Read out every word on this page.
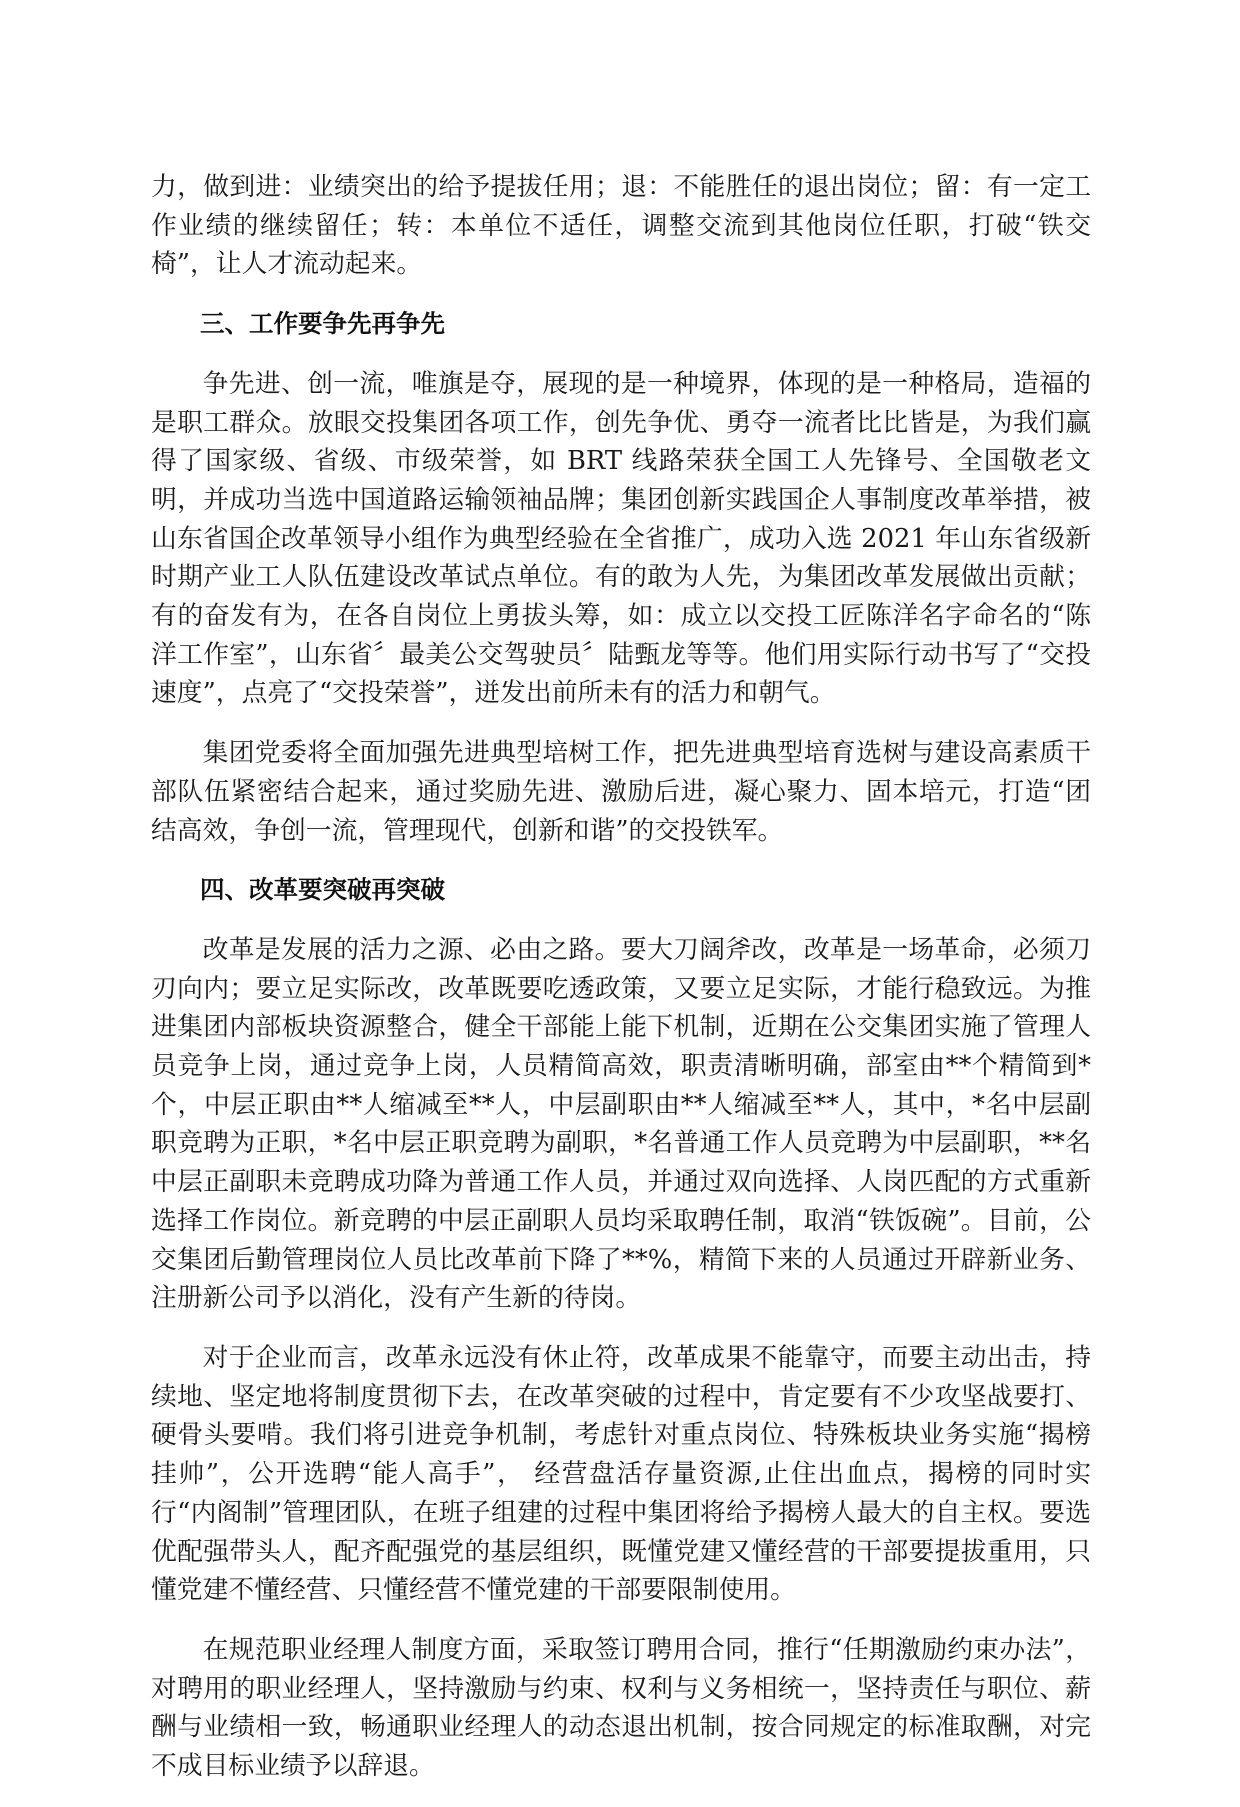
力，做到进：业绩突出的给予提拔任用；退：不能胜任的退出岗位；留：有一定工作业绩的继续留任；转：本单位不适任，调整交流到其他岗位任职，打破“铁交椅”，让人才流动起来。

三、工作要争先再争先

争先进、创一流，唯旗是夺，展现的是一种境界，体现的是一种格局，造福的是职工群众。放眼交投集团各项工作，创先争优、勇夺一流者比比皆是，为我们赢得了国家级、省级、市级荣誉，如 BRT 线路荣获全国工人先锋号、全国敬老文明，并成功当选中国道路运输领袖品牌；集团创新实践国企人事制度改革举措，被山东省国企改革领导小组作为典型经验在全省推广，成功入选 2021 年山东省级新时期产业工人队伍建设改革试点单位。有的敢为人先，为集团改革发展做出贡献；有的奋发有为，在各自岗位上勇拔头筹，如：成立以交投工匠陈洋名字命名的“陈洋工作室”，山东省〞最美公交驾驶员〞陆甄龙等等。他们用实际行动书写了“交投速度”，点亮了“交投荣誉”，迸发出前所未有的活力和朝气。

集团党委将全面加强先进典型培树工作，把先进典型培育选树与建设高素质干部队伍紧密结合起来，通过奖励先进、激励后进，凝心聚力、固本培元，打造“团结高效，争创一流，管理现代，创新和谐”的交投铁军。

四、改革要突破再突破

改革是发展的活力之源、必由之路。要大刀阔斧改，改革是一场革命，必须刀刃向内；要立足实际改，改革既要吃透政策，又要立足实际，才能行稳致远。为推进集团内部板块资源整合，健全干部能上能下机制，近期在公交集团实施了管理人员竞争上岗，通过竞争上岗，人员精简高效，职责清晰明确，部室由**个精简到*个，中层正职由**人缩减至**人，中层副职由**人缩减至**人，其中，*名中层副职竞聘为正职，*名中层正职竞聘为副职，*名普通工作人员竞聘为中层副职，**名中层正副职未竞聘成功降为普通工作人员，并通过双向选择、人岗匹配的方式重新选择工作岗位。新竞聘的中层正副职人员均采取聘任制，取消“铁饭碗”。目前，公交集团后勤管理岗位人员比改革前下降了**%，精简下来的人员通过开辟新业务、注册新公司予以消化，没有产生新的待岗。

对于企业而言，改革永远没有休止符，改革成果不能靠守，而要主动出击，持续地、坚定地将制度贯彻下去，在改革突破的过程中，肯定要有不少攻坚战要打、硬骨头要啃。我们将引进竞争机制，考虑针对重点岗位、特殊板块业务实施“揭榜挂帅”，公开选聘“能人高手”， 经营盘活存量资源,止住出血点，揭榜的同时实行“内阁制”管理团队，在班子组建的过程中集团将给予揭榜人最大的自主权。要选优配强带头人，配齐配强党的基层组织，既懂党建又懂经营的干部要提拔重用，只懂党建不懂经营、只懂经营不懂党建的干部要限制使用。

在规范职业经理人制度方面，采取签订聘用合同，推行“任期激励约束办法”，对聘用的职业经理人，坚持激励与约束、权利与义务相统一，坚持责任与职位、薪酬与业绩相一致，畅通职业经理人的动态退出机制，按合同规定的标准取酬，对完不成目标业绩予以辞退。
